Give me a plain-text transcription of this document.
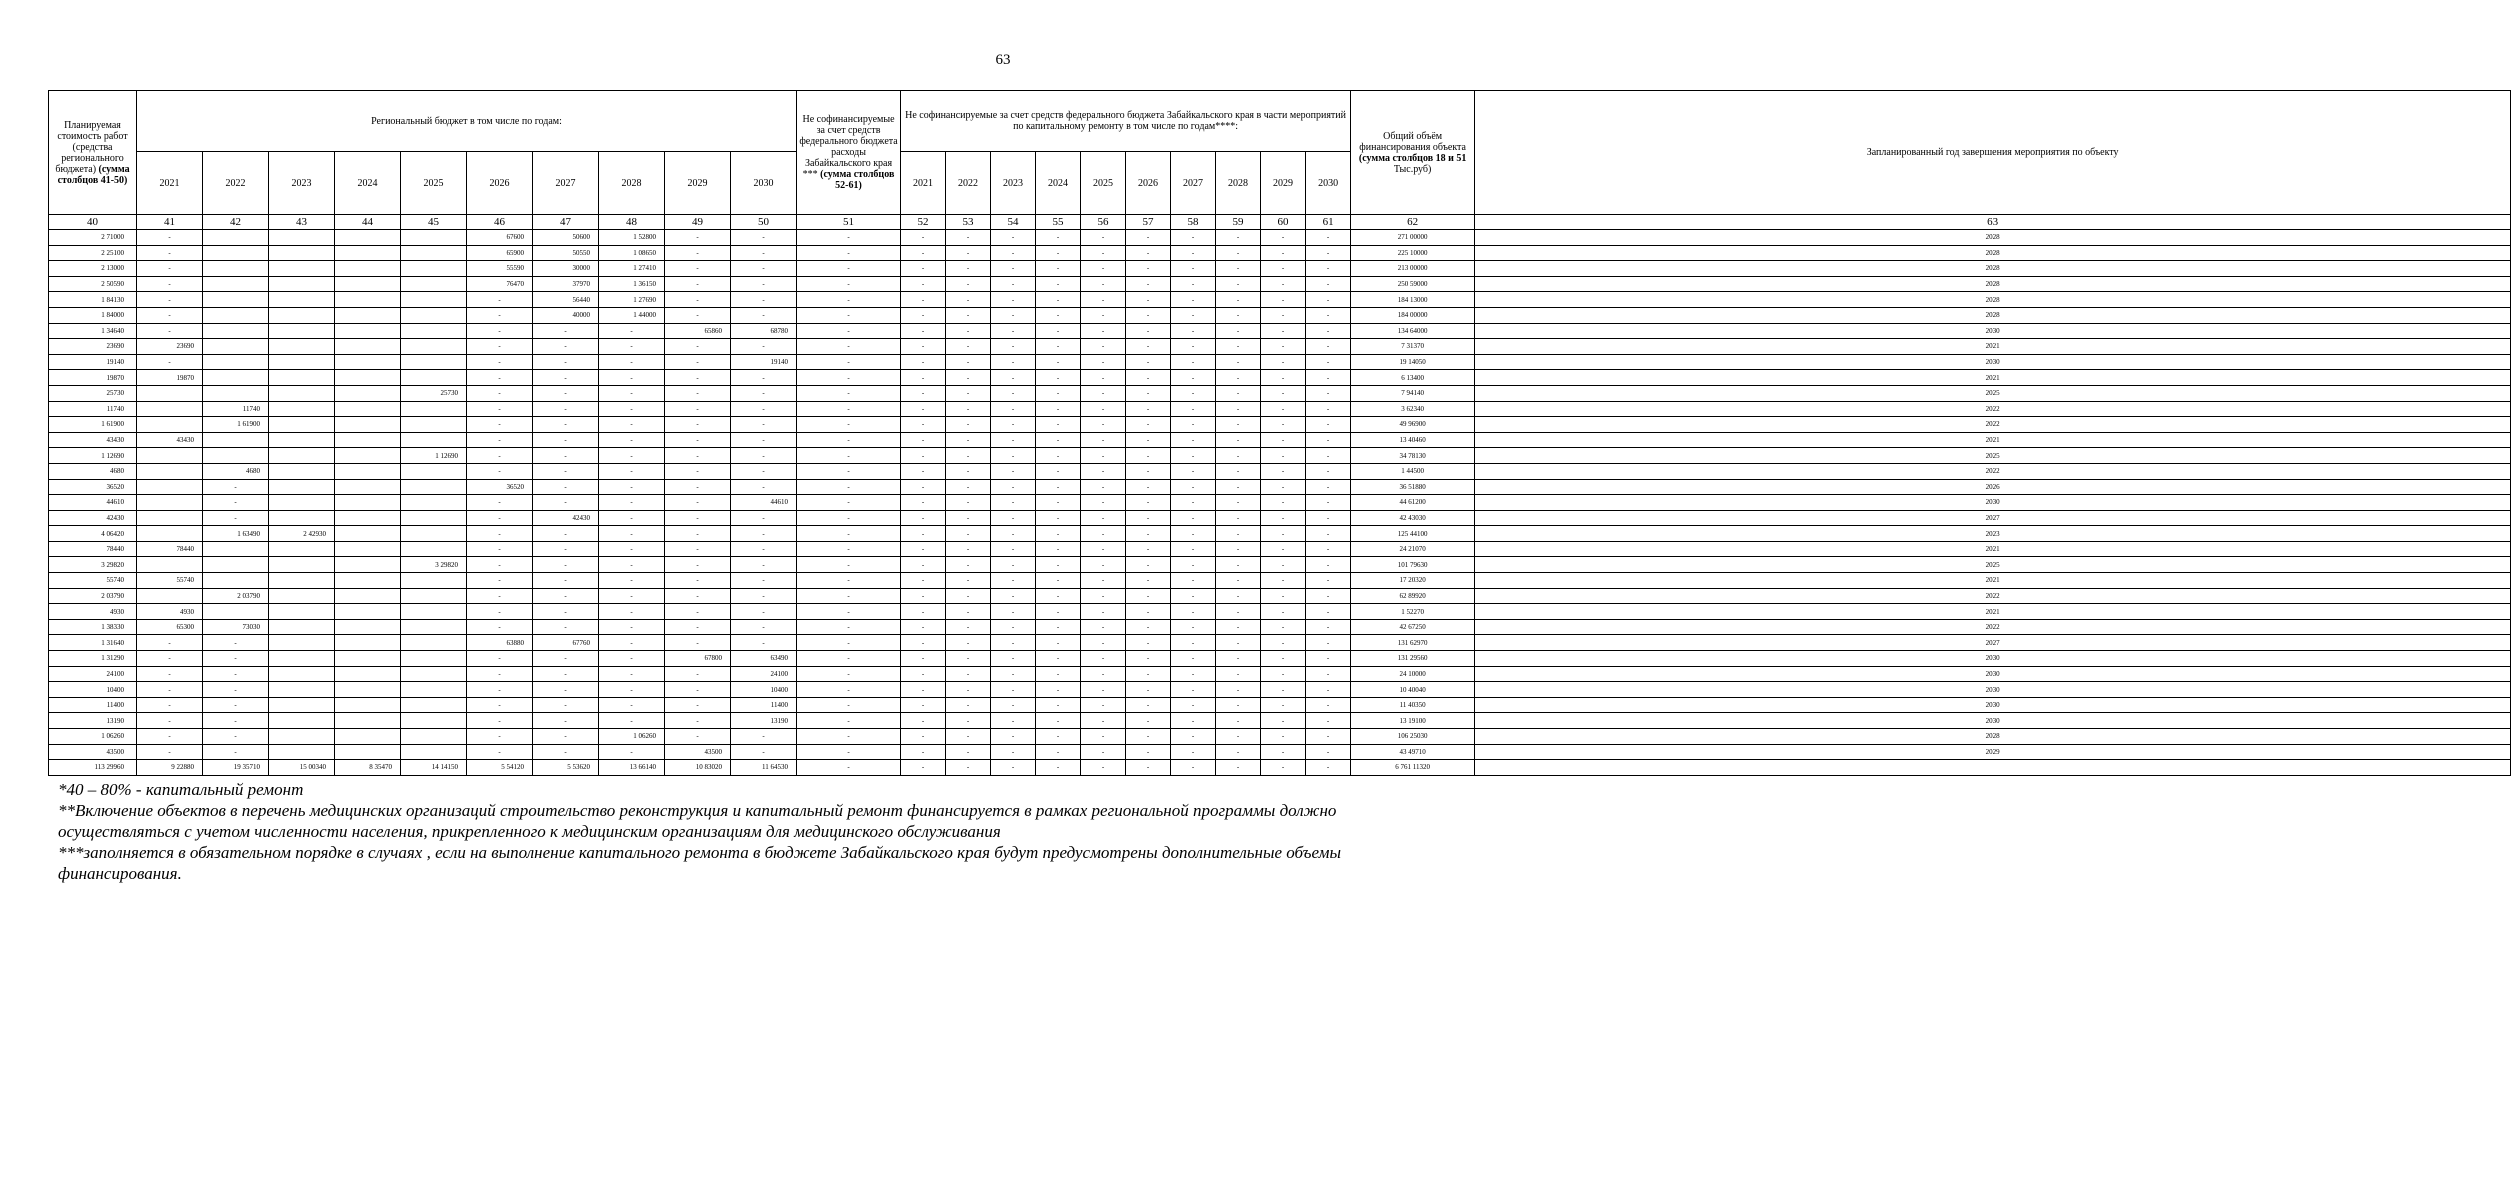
63
Планируемая стоимость работ (средства регионального бюджета) (сумма столбцов 41-50)	Региональный бюджет в том числе по годам:										Не софинансируемые за счет средств федерального бюджета расходы Забайкальского края *** (сумма столбцов 52-61)	Не софинансируемые за счет средств федерального бюджета Забайкальского края в части мероприятий по капитальному ремонту в том числе по годам****:										Общий объём финансирования объекта (сумма столбцов 18 и 51 Тыс.руб)	Запланированный год завершения мероприятия по объекту
	2021	2022	2023	2024	2025	2026	2027	2028	2029	2030		2021	2022	2023	2024	2025	2026	2027	2028	2029	2030		
40	41	42	43	44	45	46	47	48	49	50	51	52	53	54	55	56	57	58	59	60	61	62	63
2 71000	-					67600	50600	1 52800	-	-	-	-	-	-	-	-	-	-	-	-	-	271 00000	2028
2 25100	-					65900	50550	1 08650	-	-	-	-	-	-	-	-	-	-	-	-	-	225 10000	2028
2 13000	-					55590	30000	1 27410	-	-	-	-	-	-	-	-	-	-	-	-	-	213 00000	2028
2 50590	-					76470	37970	1 36150	-	-	-	-	-	-	-	-	-	-	-	-	-	250 59000	2028
1 84130	-					-	56440	1 27690	-	-	-	-	-	-	-	-	-	-	-	-	-	184 13000	2028
1 84000	-					-	40000	1 44000	-	-	-	-	-	-	-	-	-	-	-	-	-	184 00000	2028
1 34640	-					-	-	-	65860	68780	-	-	-	-	-	-	-	-	-	-	-	134 64000	2030
23690	23690					-	-	-	-	-	-	-	-	-	-	-	-	-	-	-	-	7 31370	2021
19140	-					-	-	-	-	19140	-	-	-	-	-	-	-	-	-	-	-	19 14050	2030
19870	19870					-	-	-	-	-	-	-	-	-	-	-	-	-	-	-	-	6 13400	2021
25730					25730	-	-	-	-	-	-	-	-	-	-	-	-	-	-	-	-	7 94140	2025
11740		11740				-	-	-	-	-	-	-	-	-	-	-	-	-	-	-	-	3 62340	2022
1 61900		1 61900				-	-	-	-	-	-	-	-	-	-	-	-	-	-	-	-	49 96900	2022
43430	43430					-	-	-	-	-	-	-	-	-	-	-	-	-	-	-	-	13 40460	2021
1 12690					1 12690	-	-	-	-	-	-	-	-	-	-	-	-	-	-	-	-	34 78130	2025
4680		4680				-	-	-	-	-	-	-	-	-	-	-	-	-	-	-	-	1 44500	2022
36520		-				36520	-	-	-	-	-	-	-	-	-	-	-	-	-	-	-	36 51880	2026
44610		-				-	-	-	-	44610	-	-	-	-	-	-	-	-	-	-	-	44 61200	2030
42430		-				-	42430	-	-	-	-	-	-	-	-	-	-	-	-	-	-	42 43030	2027
4 06420		1 63490	2 42930			-	-	-	-	-	-	-	-	-	-	-	-	-	-	-	-	125 44100	2023
78440	78440					-	-	-	-	-	-	-	-	-	-	-	-	-	-	-	-	24 21070	2021
3 29820					3 29820	-	-	-	-	-	-	-	-	-	-	-	-	-	-	-	-	101 79630	2025
55740	55740					-	-	-	-	-	-	-	-	-	-	-	-	-	-	-	-	17 20320	2021
2 03790		2 03790				-	-	-	-	-	-	-	-	-	-	-	-	-	-	-	-	62 89920	2022
4930	4930					-	-	-	-	-	-	-	-	-	-	-	-	-	-	-	-	1 52270	2021
1 38330	65300	73030				-	-	-	-	-	-	-	-	-	-	-	-	-	-	-	-	42 67250	2022
1 31640	-	-				63880	67760	-	-	-	-	-	-	-	-	-	-	-	-	-	-	131 62970	2027
1 31290	-	-				-	-	-	67800	63490	-	-	-	-	-	-	-	-	-	-	-	131 29560	2030
24100	-	-				-	-	-	-	24100	-	-	-	-	-	-	-	-	-	-	-	24 10000	2030
10400	-	-				-	-	-	-	10400	-	-	-	-	-	-	-	-	-	-	-	10 40040	2030
11400	-	-				-	-	-	-	11400	-	-	-	-	-	-	-	-	-	-	-	11 40350	2030
13190	-	-				-	-	-	-	13190	-	-	-	-	-	-	-	-	-	-	-	13 19100	2030
1 06260	-	-				-	-	1 06260	-	-	-	-	-	-	-	-	-	-	-	-	-	106 25030	2028
43500	-	-				-	-	-	43500	-	-	-	-	-	-	-	-	-	-	-	-	43 49710	2029
113 29960	9 22880	19 35710	15 00340	8 35470	14 14150	5 54120	5 53620	13 66140	10 83020	11 64530	-	-	-	-	-	-	-	-	-	-	-	6 761 11320	
*40 – 80% - капитальный ремонт
**Включение объектов в перечень медицинских организаций строительство реконструкция и капитальный ремонт финансируется в рамках региональной программы должно
осуществляться с учетом численности населения, прикрепленного к медицинским организациям для медицинского обслуживания
***заполняется в обязательном порядке в случаях , если на выполнение капитального ремонта в бюджете Забайкальского края будут предусмотрены дополнительные объемы
финансирования.
